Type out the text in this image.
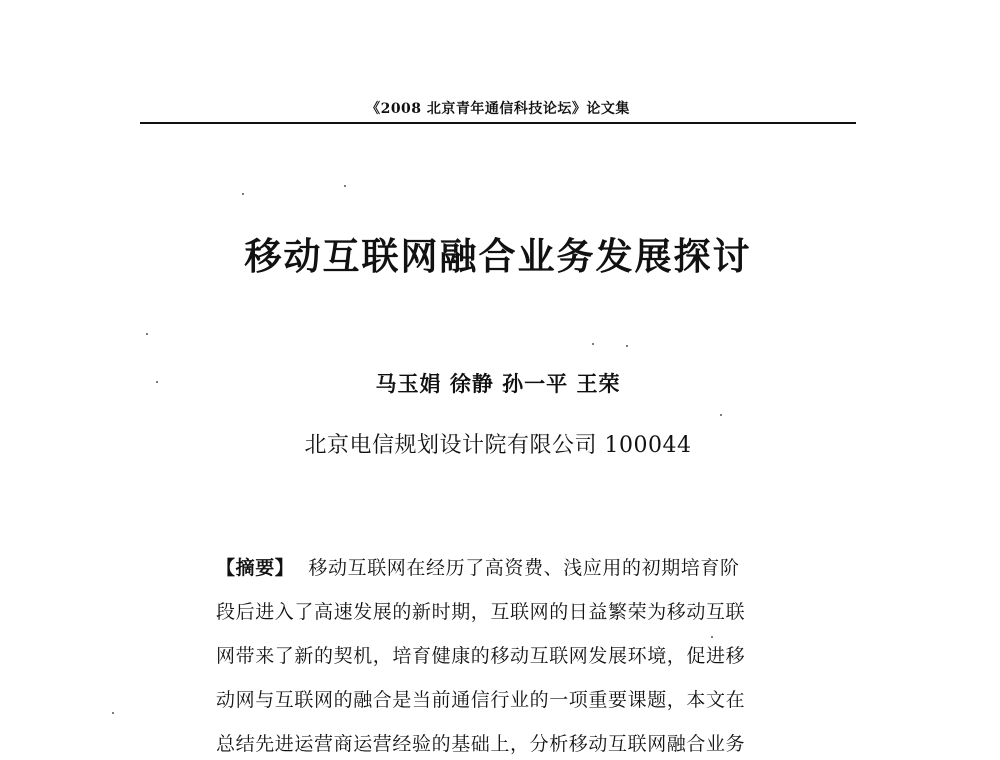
《2008 北京青年通信科技论坛》论文集
移动互联网融合业务发展探讨
马玉娟 徐静 孙一平 王荣
北京电信规划设计院有限公司 100044
【摘要】 移动互联网在经历了高资费、浅应用的初期培育阶
段后进入了高速发展的新时期，互联网的日益繁荣为移动互联
网带来了新的契机，培育健康的移动互联网发展环境，促进移
动网与互联网的融合是当前通信行业的一项重要课题，本文在
总结先进运营商运营经验的基础上，分析移动互联网融合业务
